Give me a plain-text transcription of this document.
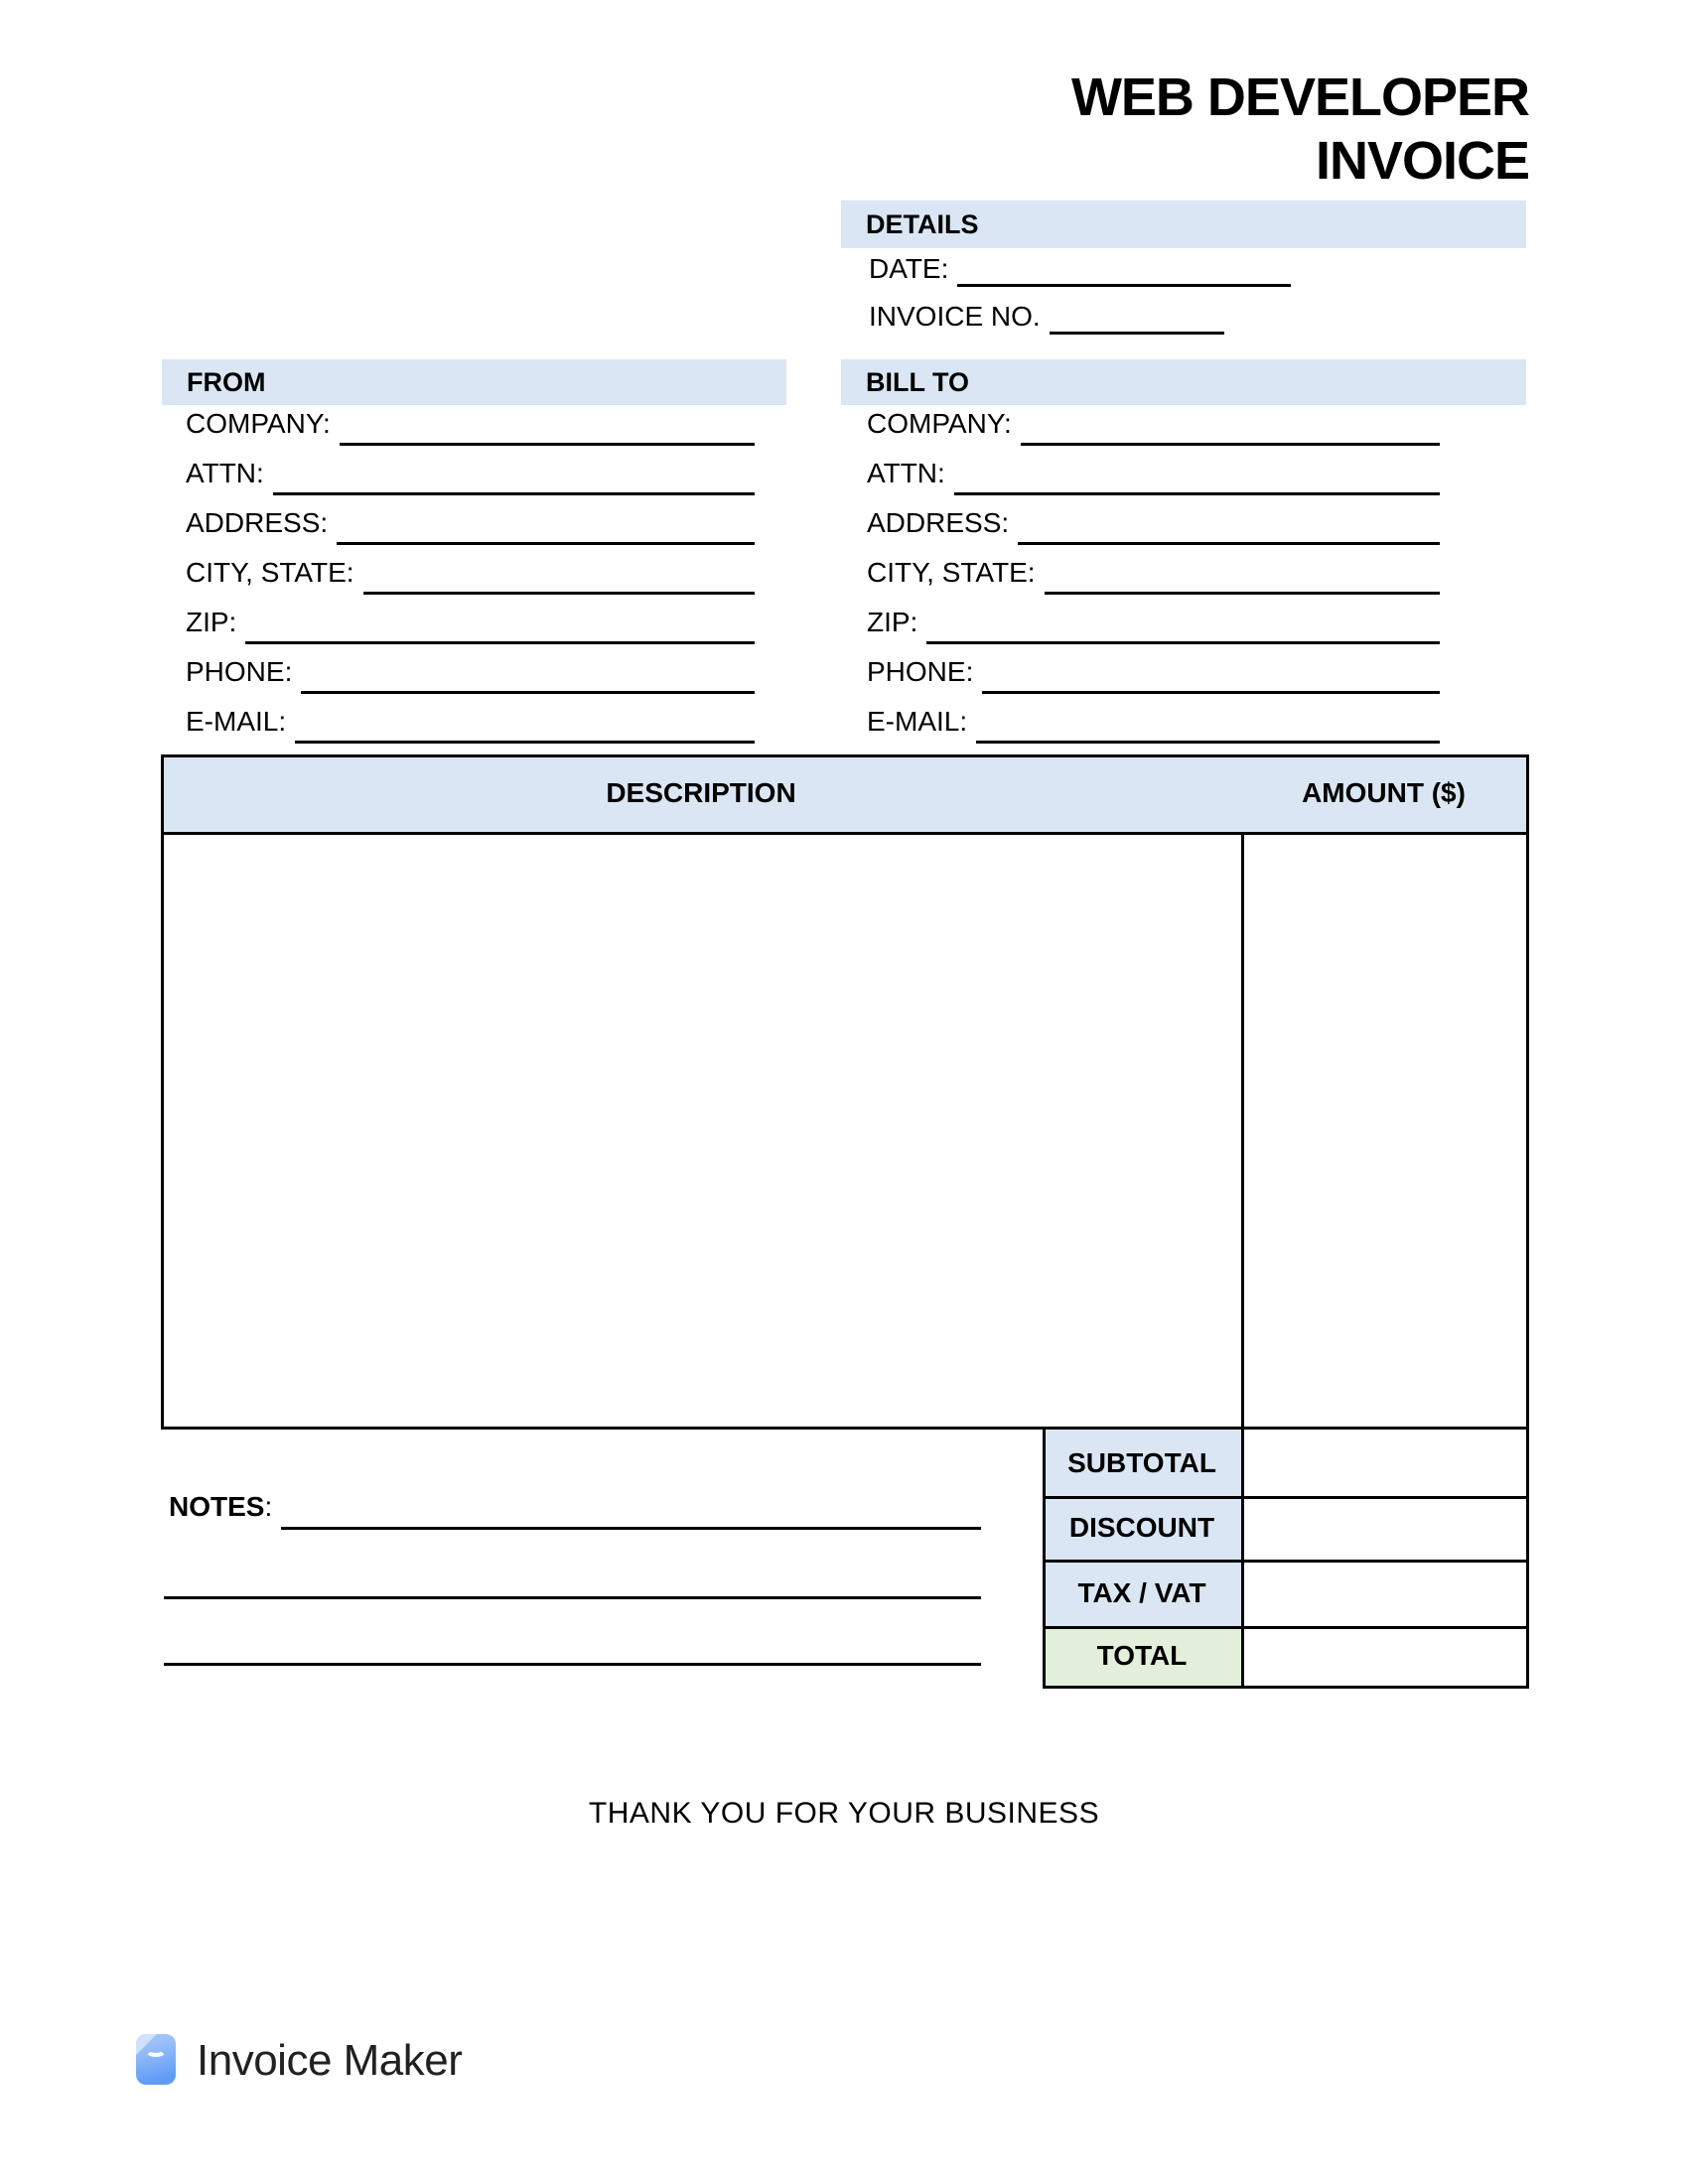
WEB DEVELOPER
INVOICE
DETAILS
DATE:
INVOICE NO.
FROM
COMPANY:
ATTN:
ADDRESS:
CITY, STATE:
ZIP:
PHONE:
E-MAIL:
BILL TO
COMPANY:
ATTN:
ADDRESS:
CITY, STATE:
ZIP:
PHONE:
E-MAIL:
DESCRIPTION	AMOUNT ($)
SUBTOTAL
DISCOUNT
TAX / VAT
TOTAL
NOTES:
THANK YOU FOR YOUR BUSINESS
Invoice Maker
